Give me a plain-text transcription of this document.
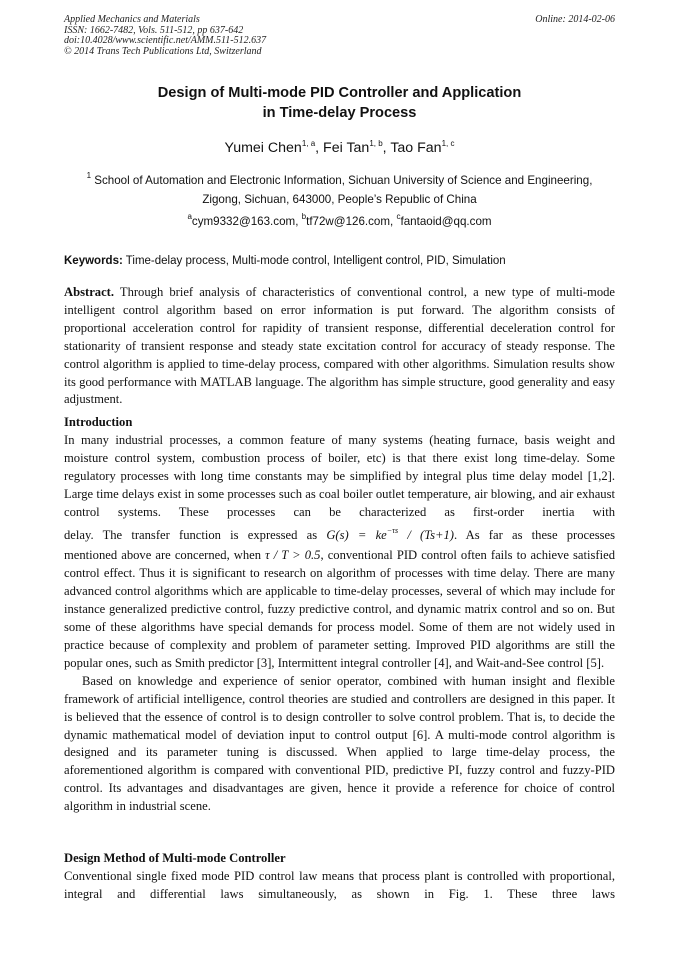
Applied Mechanics and Materials
ISSN: 1662-7482, Vols. 511-512, pp 637-642
doi:10.4028/www.scientific.net/AMM.511-512.637
© 2014 Trans Tech Publications Ltd, Switzerland
Online: 2014-02-06
Design of Multi-mode PID Controller and Application
in Time-delay Process
Yumei Chen$^{1, a}$, Fei Tan$^{1, b}$, Tao Fan$^{1, c}$
$^1$ School of Automation and Electronic Information, Sichuan University of Science and Engineering,
Zigong, Sichuan, 643000, People’s Republic of China
$^a$cym9332@163.com, $^b$tf72w@126.com, $^c$fantaoid@qq.com
Keywords: Time-delay process, Multi-mode control, Intelligent control, PID, Simulation

Abstract. Through brief analysis of characteristics of conventional control, a new type of multi-mode intelligent control algorithm based on error information is put forward. The algorithm consists of proportional acceleration control for rapidity of transient response, differential deceleration control for stationarity of transient response and steady state excitation control for accuracy of steady response. The control algorithm is applied to time-delay process, compared with other algorithms. Simulation results show its good performance with MATLAB language. The algorithm has simple structure, good generality and easy adjustment.

Introduction

In many industrial processes, a common feature of many systems (heating furnace, basis weight and moisture control system, combustion process of boiler, etc) is that there exist long time-delay. Some regulatory processes with long time constants may be simplified by integral plus time delay model [1,2]. Large time delays exist in some processes such as coal boiler outlet temperature, air blowing, and air exhaust control systems. These processes can be characterized as first-order inertia with

delay. The transfer function is expressed as $G(s) = ke^{-\tau s} / (Ts+1)$. As far as these processes

mentioned above are concerned, when τ / T > 0.5, conventional PID control often fails to achieve satisfied control effect. Thus it is significant to research on algorithm of processes with time delay. There are many advanced control algorithms which are applicable to time-delay processes, several of which may include for instance generalized predictive control, fuzzy predictive control, and dynamic matrix control and so on. But some of these algorithms have special demands for process model. Some of them are not widely used in practice because of complexity and problem of parameter setting. Improved PID algorithms are still the popular ones, such as Smith predictor [3], Intermittent integral controller [4], and Wait-and-See control [5].

Based on knowledge and experience of senior operator, combined with human insight and flexible framework of artificial intelligence, control theories are studied and controllers are designed in this paper. It is believed that the essence of control is to design controller to solve control problem. That is, to decide the dynamic mathematical model of deviation input to control output [6]. A multi-mode control algorithm is designed and its parameter tuning is discussed. When applied to large time-delay process, the aforementioned algorithm is compared with conventional PID, predictive PI, fuzzy control and fuzzy-PID control. Its advantages and disadvantages are given, hence it provide a reference for choice of control algorithm in industrial scene.

Design Method of Multi-mode Controller

Conventional single fixed mode PID control law means that process plant is controlled with proportional, integral and differential laws simultaneously, as shown in Fig. 1. These three laws
